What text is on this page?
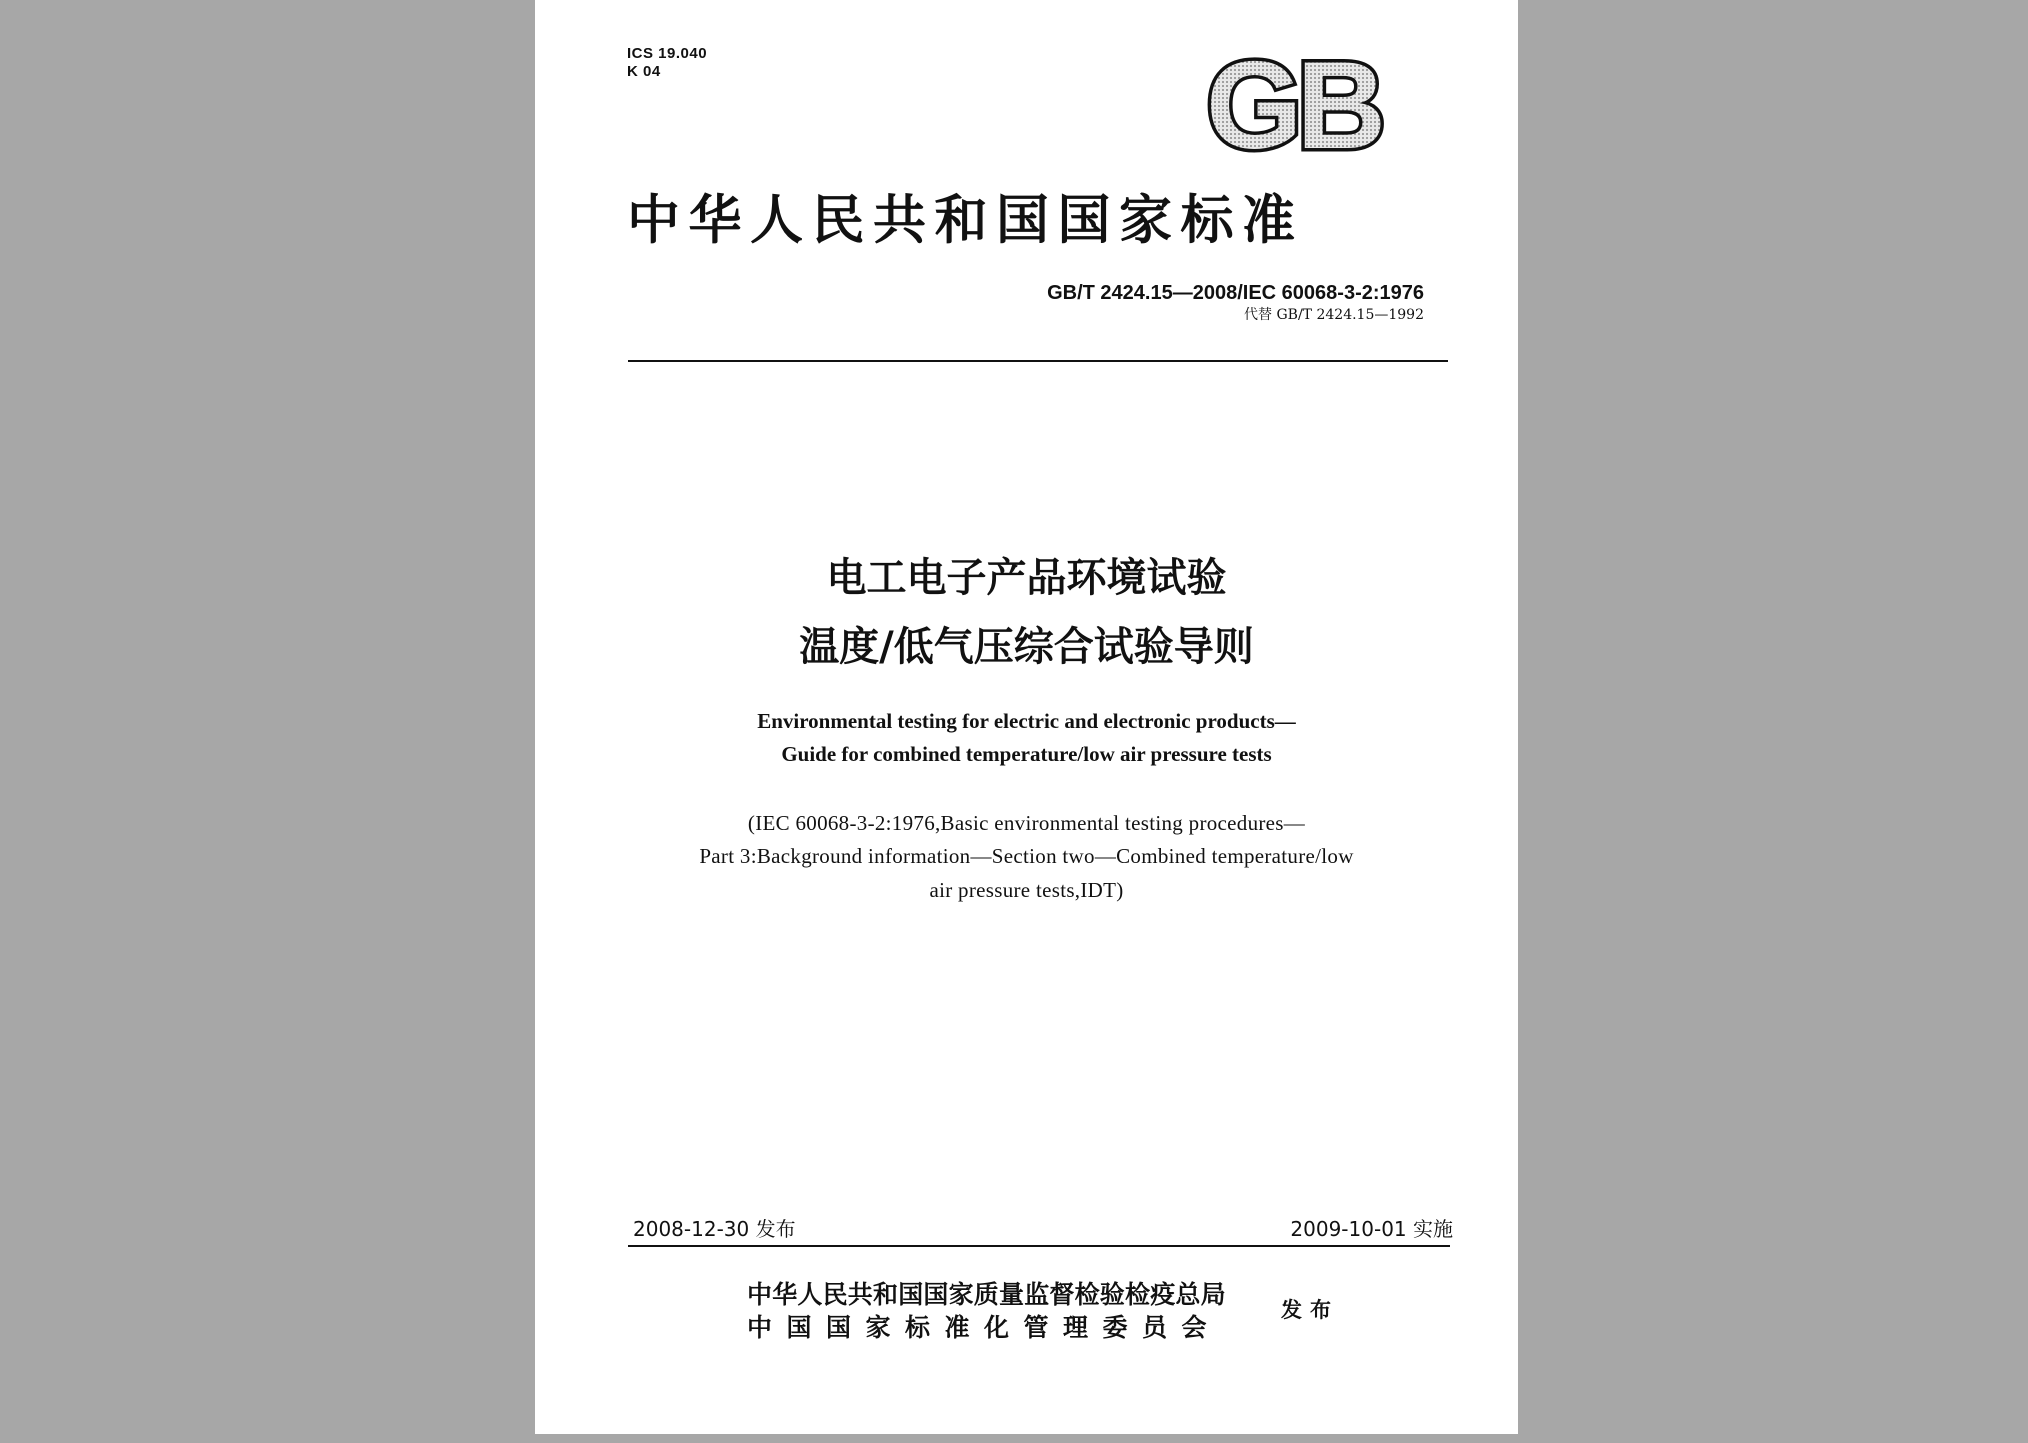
ICS 19.040
K 04	GB
中华人民共和国国家标准
GB/T 2424.15—2008/IEC 60068-3-2:1976
代替 GB/T 2424.15—1992
电工电子产品环境试验
温度/低气压综合试验导则
Environmental testing for electric and electronic products—
Guide for combined temperature/low air pressure tests
(IEC 60068-3-2:1976,Basic environmental testing procedures—
Part 3:Background information—Section two—Combined temperature/low
air pressure tests,IDT)
2008-12-30 发布	2009-10-01 实施
中华人民共和国国家质量监督检验检疫总局
中国国家标准化管理委员会
发布
